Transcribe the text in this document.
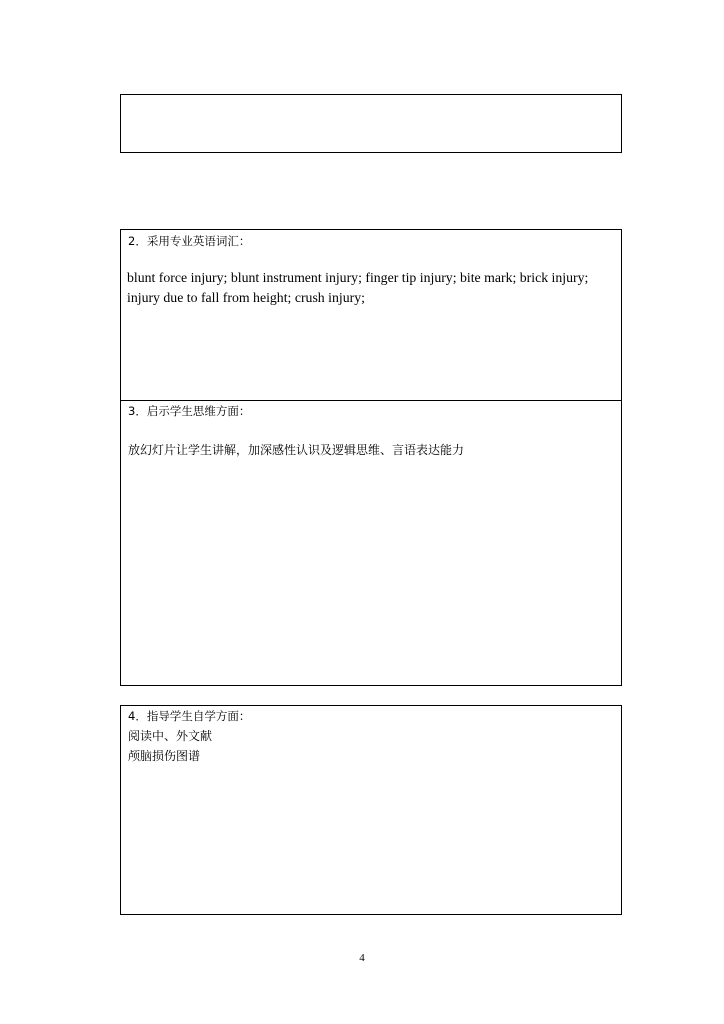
2．采用专业英语词汇：
blunt force injury; blunt instrument injury; finger tip injury; bite mark; brick injury; injury due to fall from height; crush injury;
3．启示学生思维方面：
放幻灯片让学生讲解，加深感性认识及逻辑思维、言语表达能力
4．指导学生自学方面：
阅读中、外文献
颅脑损伤图谱
4
